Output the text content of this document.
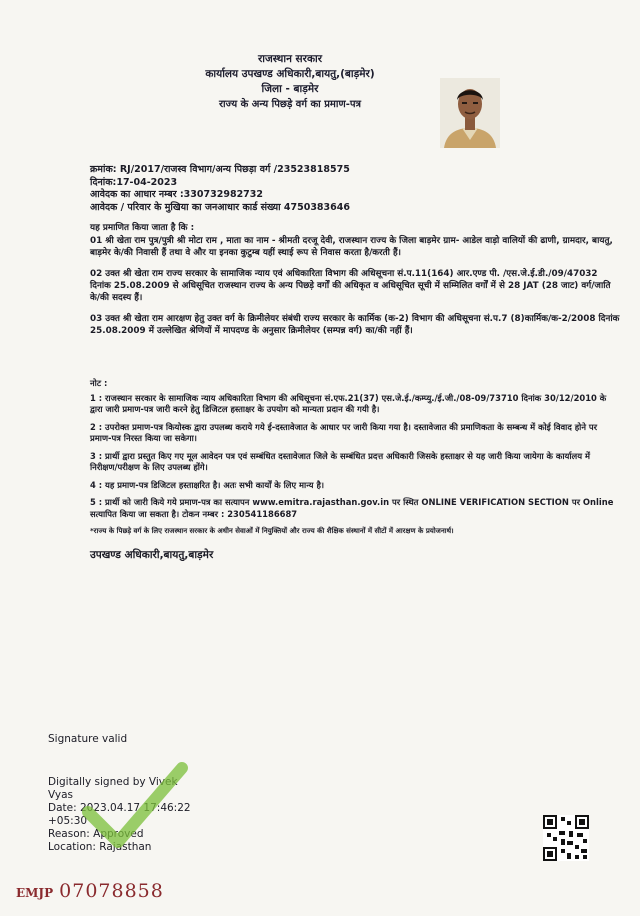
राजस्थान सरकार
कार्यालय उपखण्ड अधिकारी,बायतु,(बाड़मेर)
जिला - बाड़मेर
राज्य के अन्य पिछड़े वर्ग का प्रमाण-पत्र
क्रमांक: RJ/2017/राजस्व विभाग/अन्य पिछड़ा वर्ग /23523818575
दिनांक:17-04-2023
आवेदक का आधार नम्बर :330732982732
आवेदक / परिवार के मुखिया का जनआधार कार्ड संख्या 4750383646

यह प्रमाणित किया जाता है कि :

01 श्री खेता राम पुत्र/पुत्री श्री मोटा राम , माता का नाम - श्रीमती दरजू देवी, राजस्थान राज्य के जिला बाड़मेर ग्राम- आडेल वाड़ो वालियों की ढाणी, ग्रामदार, बायतु, बाड़मेर के/की निवासी हैं तथा वे और या इनका कुटुम्ब यहीं स्थाई रूप से निवास करता है/करती हैं।

02 उक्त श्री खेता राम राज्य सरकार के सामाजिक न्याय एवं अधिकारिता विभाग की अधिसूचना सं.प.11(164) आर.एण्ड पी. /एस.जे.ई.डी./09/47032 दिनांक 25.08.2009 से अधिसूचित राजस्थान राज्य के अन्य पिछड़े वर्गों की अधिकृत व अधिसूचित सूची में सम्मिलित वर्गों में से 28 JAT (28 जाट) वर्ग/जाति के/की सदस्य हैं।

03 उक्त श्री खेता राम आरक्षण हेतु उक्त वर्ग के क्रिमीलेयर संबंधी राज्य सरकार के कार्मिक (क-2) विभाग की अधिसूचना सं.प.7 (8)कार्मिक/क-2/2008 दिनांक 25.08.2009 में उल्लेखित श्रेणियों में मापदण्ड के अनुसार क्रिमीलेयर (सम्पन्न वर्ग) का/की नहीं हैं।

नोट :

1 : राजस्थान सरकार के सामाजिक न्याय अधिकारिता विभाग की अधिसूचना सं.एफ.21(37) एस.जे.ई./कम्प्यु./ई.जी./08-09/73710 दिनांक 30/12/2010 के द्वारा जारी प्रमाण-पत्र जारी करने हेतु डिजिटल हस्ताक्षर के उपयोग को मान्यता प्रदान की गयी है।

2 : उपरोक्त प्रमाण-पत्र कियोस्क द्वारा उपलब्ध कराये गये ई-दस्तावेजात के आधार पर जारी किया गया है। दस्तावेजात की प्रमाणिकता के सम्बन्ध में कोई विवाद होने पर प्रमाण-पत्र निरस्त किया जा सकेगा।

3 : प्रार्थी द्वारा प्रस्तुत किए गए मूल आवेदन पत्र एवं सम्बंधित दस्तावेजात जिले के सम्बंधित प्रदत्त अधिकारी जिसके हस्ताक्षर से यह जारी किया जायेगा के कार्यालय में निरीक्षण/परीक्षण के लिए उपलब्ध होंगे।

4 : यह प्रमाण-पत्र डिजिटल हस्ताक्षरित है। अतः सभी कार्यों के लिए मान्य है।

5 : प्रार्थी को जारी किये गये प्रमाण-पत्र का सत्यापन www.emitra.rajasthan.gov.in पर स्थित ONLINE VERIFICATION SECTION पर Online सत्यापित किया जा सकता है। टोकन नम्बर : 230541186687

*राज्य के पिछड़े वर्ग के लिए राजस्थान सरकार के अधीन सेवाओं में नियुक्तियों और राज्य की शैक्षिक संस्थानों में सीटों में आरक्षण के प्रयोजनार्थ।

उपखण्ड अधिकारी,बायतु,बाड़मेर
Signature valid
Digitally signed by Vivek
Vyas
Date: 2023.04.17 17:46:22
+05:30
Reason: Approved
Location: Rajasthan
EMJP 07078858
